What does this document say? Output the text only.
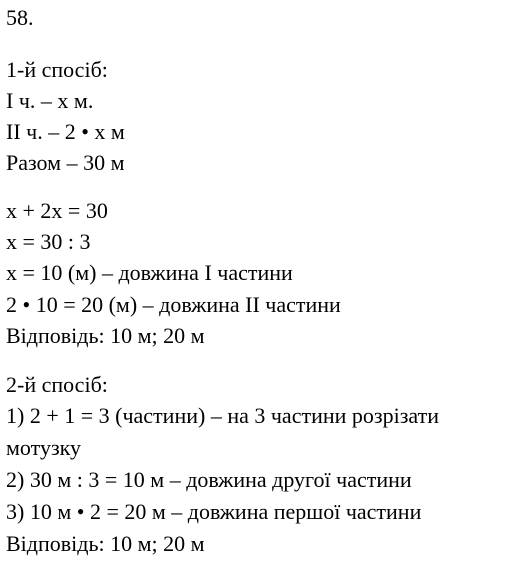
58.
1-й спосіб:
I ч. – х м.
II ч. – 2 • х м
Разом – 30 м
х + 2х = 30
х = 30 : 3
х = 10 (м) – довжина I частини
2 • 10 = 20 (м) – довжина II частини
Відповідь: 10 м; 20 м
2-й спосіб:
1) 2 + 1 = 3 (частини) – на 3 частини розрізати
мотузку
2) 30 м : 3 = 10 м – довжина другої частини
3) 10 м • 2 = 20 м – довжина першої частини
Відповідь: 10 м; 20 м
